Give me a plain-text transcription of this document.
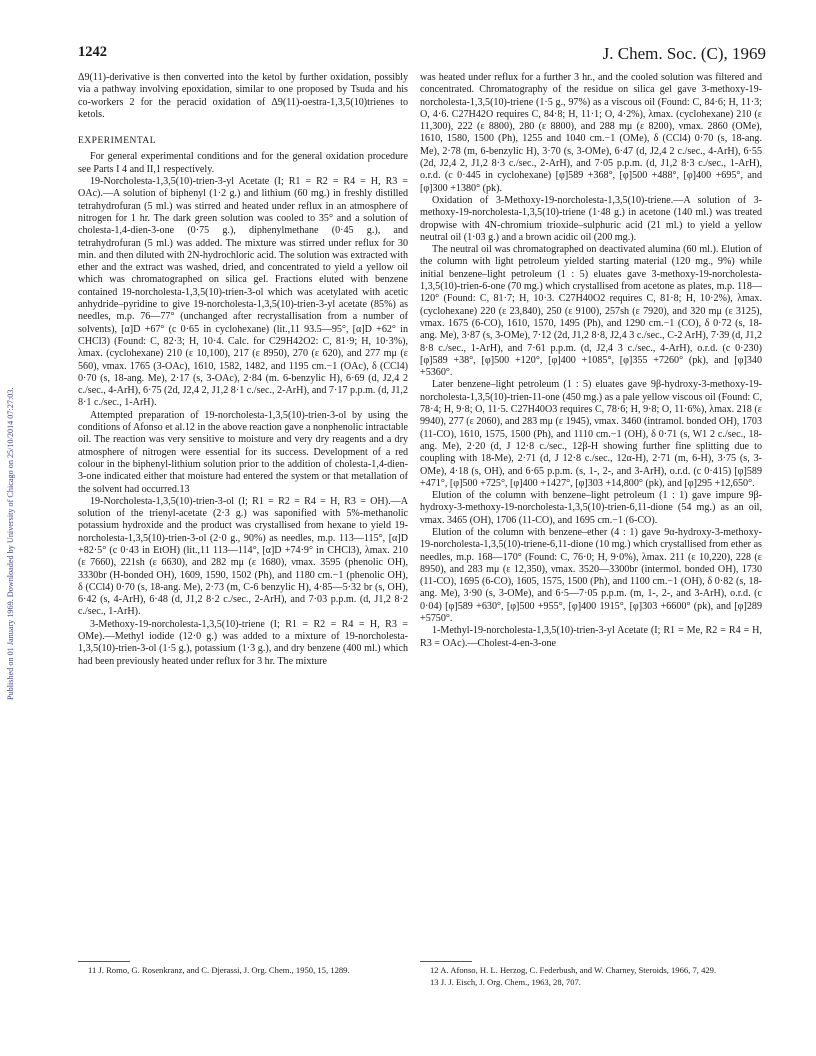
1242	J. Chem. Soc. (C), 1969
Published on 01 January 1969. Downloaded by University of Chicago on 25/10/2014 07:27:03.

Δ9(11)-derivative is then converted into the ketol by further oxidation, possibly via a pathway involving epoxidation, similar to one proposed by Tsuda and his co-workers 2 for the peracid oxidation of Δ9(11)-oestra-1,3,5(10)trienes to ketols.

EXPERIMENTAL

For general experimental conditions and for the general oxidation procedure see Parts I 4 and II,1 respectively.

19-Norcholesta-1,3,5(10)-trien-3-yl Acetate (I; R1 = R2 = R4 = H, R3 = OAc).—A solution of biphenyl (1·2 g.) and lithium (60 mg.) in freshly distilled tetrahydrofuran (5 ml.) was stirred and heated under reflux in an atmosphere of nitrogen for 1 hr. The dark green solution was cooled to 35° and a solution of cholesta-1,4-dien-3-one (0·75 g.), diphenylmethane (0·45 g.), and tetrahydrofuran (5 ml.) was added. The mixture was stirred under reflux for 30 min. and then diluted with 2N-hydrochloric acid. The solution was extracted with ether and the extract was washed, dried, and concentrated to yield a yellow oil which was chromatographed on silica gel. Fractions eluted with benzene contained 19-norcholesta-1,3,5(10)-trien-3-ol which was acetylated with acetic anhydride–pyridine to give 19-norcholesta-1,3,5(10)-trien-3-yl acetate (85%) as needles, m.p. 76—77° (unchanged after recrystallisation from a number of solvents), [α]D +67° (c 0·65 in cyclohexane) (lit.,11 93.5—95°, [α]D +62° in CHCl3) (Found: C, 82·3; H, 10·4. Calc. for C29H42O2: C, 81·9; H, 10·3%), λmax. (cyclohexane) 210 (ε 10,100), 217 (ε 8950), 270 (ε 620), and 277 mμ (ε 560), νmax. 1765 (3-OAc), 1610, 1582, 1482, and 1195 cm.−1 (OAc), δ (CCl4) 0·70 (s, 18-ang. Me), 2·17 (s, 3-OAc), 2·84 (m. 6-benzylic H), 6·69 (d, J2,4 2 c./sec., 4-ArH), 6·75 (2d, J2,4 2, J1,2 8·1 c./sec., 2-ArH), and 7·17 p.p.m. (d, J1,2 8·1 c./sec., 1-ArH).

Attempted preparation of 19-norcholesta-1,3,5(10)-trien-3-ol by using the conditions of Afonso et al.12 in the above reaction gave a nonphenolic intractable oil. The reaction was very sensitive to moisture and very dry reagents and a dry atmosphere of nitrogen were essential for its success. Development of a red colour in the biphenyl-lithium solution prior to the addition of cholesta-1,4-dien-3-one indicated either that moisture had entered the system or that metallation of the solvent had occurred.13

19-Norcholesta-1,3,5(10)-trien-3-ol (I; R1 = R2 = R4 = H, R3 = OH).—A solution of the trienyl-acetate (2·3 g.) was saponified with 5%-methanolic potassium hydroxide and the product was crystallised from hexane to yield 19-norcholesta-1,3,5(10)-trien-3-ol (2·0 g., 90%) as needles, m.p. 113—115°, [α]D +82·5° (c 0·43 in EtOH) (lit.,11 113—114°, [α]D +74·9° in CHCl3), λmax. 210 (ε 7660), 221sh (ε 6630), and 282 mμ (ε 1680), νmax. 3595 (phenolic OH), 3330br (H-bonded OH), 1609, 1590, 1502 (Ph), and 1180 cm.−1 (phenolic OH), δ (CCl4) 0·70 (s, 18-ang. Me), 2·73 (m, C-6 benzylic H), 4·85—5·32 br (s, OH), 6·42 (s, 4-ArH), 6·48 (d, J1,2 8·2 c./sec., 2-ArH), and 7·03 p.p.m. (d, J1,2 8·2 c./sec., 1-ArH).

3-Methoxy-19-norcholesta-1,3,5(10)-triene (I; R1 = R2 = R4 = H, R3 = OMe).—Methyl iodide (12·0 g.) was added to a mixture of 19-norcholesta-1,3,5(10)-trien-3-ol (1·5 g.), potassium (1·3 g.), and dry benzene (400 ml.) which had been previously heated under reflux for 3 hr. The mixture

was heated under reflux for a further 3 hr., and the cooled solution was filtered and concentrated. Chromatography of the residue on silica gel gave 3-methoxy-19-norcholesta-1,3,5(10)-triene (1·5 g., 97%) as a viscous oil (Found: C, 84·6; H, 11·3; O, 4·6. C27H42O requires C, 84·8; H, 11·1; O, 4·2%), λmax. (cyclohexane) 210 (ε 11,300), 222 (ε 8800), 280 (ε 8800), and 288 mμ (ε 8200), νmax. 2860 (OMe), 1610, 1580, 1500 (Ph), 1255 and 1040 cm.−1 (OMe), δ (CCl4) 0·70 (s, 18-ang. Me), 2·78 (m, 6-benzylic H), 3·70 (s, 3-OMe), 6·47 (d, J2,4 2 c./sec., 4-ArH), 6·55 (2d, J2,4 2, J1,2 8·3 c./sec., 2-ArH), and 7·05 p.p.m. (d, J1,2 8·3 c./sec., 1-ArH), o.r.d. (c 0·445 in cyclohexane) [φ]589 +368°, [φ]500 +488°, [φ]400 +695°, and [φ]300 +1380° (pk).

Oxidation of 3-Methoxy-19-norcholesta-1,3,5(10)-triene.—A solution of 3-methoxy-19-norcholesta-1,3,5(10)-triene (1·48 g.) in acetone (140 ml.) was treated dropwise with 4N-chromium trioxide–sulphuric acid (21 ml.) to yield a yellow neutral oil (1·03 g.) and a brown acidic oil (200 mg.).

The neutral oil was chromatographed on deactivated alumina (60 ml.). Elution of the column with light petroleum yielded starting material (120 mg., 9%) while initial benzene–light petroleum (1 : 5) eluates gave 3-methoxy-19-norcholesta-1,3,5(10)-trien-6-one (70 mg.) which crystallised from acetone as plates, m.p. 118—120° (Found: C, 81·7; H, 10·3. C27H40O2 requires C, 81·8; H, 10·2%), λmax. (cyclohexane) 220 (ε 23,840), 250 (ε 9100), 257sh (ε 7920), and 320 mμ (ε 3125), νmax. 1675 (6-CO), 1610, 1570, 1495 (Ph), and 1290 cm.−1 (CO), δ 0·72 (s, 18-ang. Me), 3·87 (s, 3-OMe), 7·12 (2d, J1,2 8·8, J2,4 3 c./sec., C-2 ArH), 7·39 (d, J1,2 8·8 c./sec., 1-ArH), and 7·61 p.p.m. (d, J2,4 3 c./sec., 4-ArH), o.r.d. (c 0·230) [φ]589 +38°, [φ]500 +120°, [φ]400 +1085°, [φ]355 +7260° (pk), and [φ]340 +5360°.

Later benzene–light petroleum (1 : 5) eluates gave 9β-hydroxy-3-methoxy-19-norcholesta-1,3,5(10)-trien-11-one (450 mg.) as a pale yellow viscous oil (Found: C, 78·4; H, 9·8; O, 11·5. C27H40O3 requires C, 78·6; H, 9·8; O, 11·6%), λmax. 218 (ε 9940), 277 (ε 2060), and 283 mμ (ε 1945), νmax. 3460 (intramol. bonded OH), 1703 (11-CO), 1610, 1575, 1500 (Ph), and 1110 cm.−1 (OH), δ 0·71 (s, W1 2 c./sec., 18-ang. Me), 2·20 (d, J 12·8 c./sec., 12β-H showing further fine splitting due to coupling with 18-Me), 2·71 (d, J 12·8 c./sec., 12α-H), 2·71 (m, 6-H), 3·75 (s, 3-OMe), 4·18 (s, OH), and 6·65 p.p.m. (s, 1-, 2-, and 3-ArH), o.r.d. (c 0·415) [φ]589 +471°, [φ]500 +725°, [φ]400 +1427°, [φ]303 +14,800° (pk), and [φ]295 +12,650°.

Elution of the column with benzene–light petroleum (1 : 1) gave impure 9β-hydroxy-3-methoxy-19-norcholesta-1,3,5(10)-trien-6,11-dione (54 mg.) as an oil, νmax. 3465 (OH), 1706 (11-CO), and 1695 cm.−1 (6-CO).

Elution of the column with benzene–ether (4 : 1) gave 9α-hydroxy-3-methoxy-19-norcholesta-1,3,5(10)-triene-6,11-dione (10 mg.) which crystallised from ether as needles, m.p. 168—170° (Found: C, 76·0; H, 9·0%), λmax. 211 (ε 10,220), 228 (ε 8950), and 283 mμ (ε 12,350), νmax. 3520—3300br (intermol. bonded OH), 1730 (11-CO), 1695 (6-CO), 1605, 1575, 1500 (Ph), and 1100 cm.−1 (OH), δ 0·82 (s, 18-ang. Me), 3·90 (s, 3-OMe), and 6·5—7·05 p.p.m. (m, 1-, 2-, and 3-ArH), o.r.d. (c 0·04) [φ]589 +630°, [φ]500 +955°, [φ]400 1915°, [φ]303 +6600° (pk), and [φ]289 +5750°.

1-Methyl-19-norcholesta-1,3,5(10)-trien-3-yl Acetate (I; R1 = Me, R2 = R4 = H, R3 = OAc).—Cholest-4-en-3-one

11 J. Romo, G. Rosenkranz, and C. Djerassi, J. Org. Chem., 1950, 15, 1289.	12 A. Afonso, H. L. Herzog, C. Federbush, and W. Charney, Steroids, 1966, 7, 429.

13 J. J. Eisch, J. Org. Chem., 1963, 28, 707.
